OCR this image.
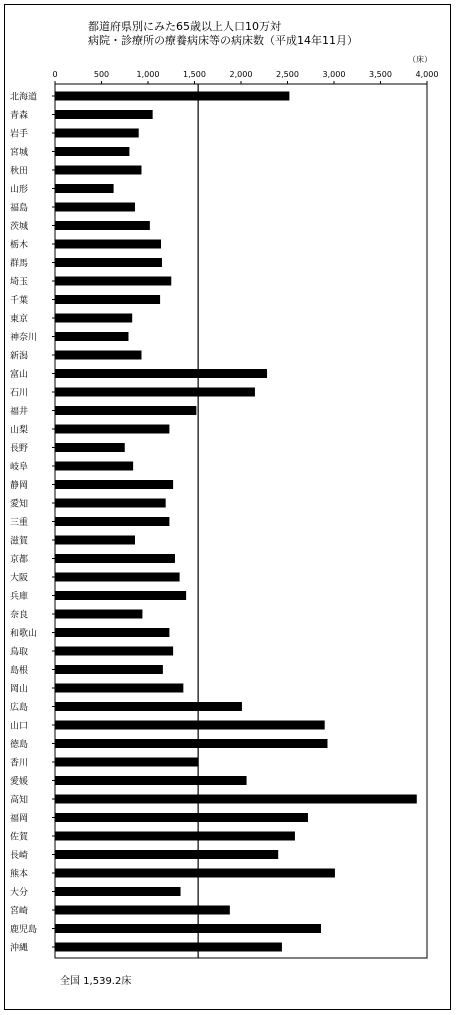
都道府県別にみた65歳以上人口10万対
病院・診療所の療養病床等の病床数（平成14年11月）
（床）
0	500	1,000	1,500	2,000	2,500	3,000	3,500	4,000
北海道
青森
岩手
宮城
秋田
山形
福島
茨城
栃木
群馬
埼玉
千葉
東京
神奈川
新潟
富山
石川
福井
山梨
長野
岐阜
静岡
愛知
三重
滋賀
京都
大阪
兵庫
奈良
和歌山
鳥取
島根
岡山
広島
山口
徳島
香川
愛媛
高知
福岡
佐賀
長崎
熊本
大分
宮崎
鹿児島
沖縄
全国 1,539.2床
